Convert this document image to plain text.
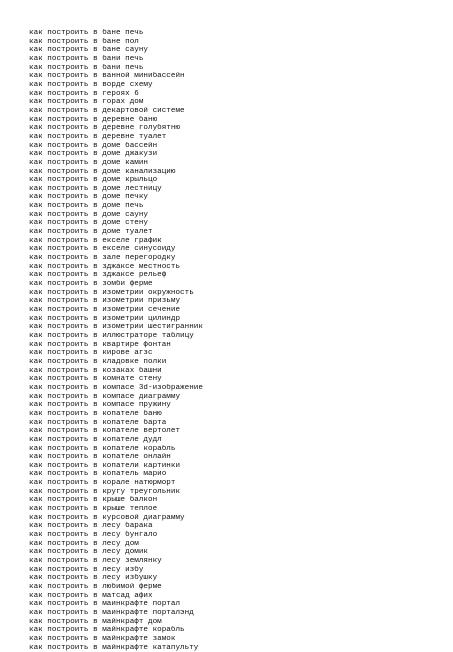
как построить в бане печь
как построить в бане пол
как построить в бане сауну
как построить в бани печь
как построить в бани печь
как построить в ванной минибассейн
как построить в ворде схему
как построить в героях 6
как построить в горах дом
как построить в декартовой системе
как построить в деревне баню
как построить в деревне голубятню
как построить в деревне туалет
как построить в доме бассейн
как построить в доме джакузи
как построить в доме камин
как построить в доме канализацию
как построить в доме крыльцо
как построить в доме лестницу
как построить в доме печку
как построить в доме печь
как построить в доме сауну
как построить в доме стену
как построить в доме туалет
как построить в екселе график
как построить в екселе синусоиду
как построить в зале перегородку
как построить в зджаксе местность
как построить в зджаксе рельеф
как построить в зомби ферме
как построить в изометрии окружность
как построить в изометрии призьму
как построить в изометрии сечение
как построить в изометрии цилиндр
как построить в изометрии шестигранник
как построить в иллюстраторе таблицу
как построить в квартире фонтан
как построить в кирове агзс
как построить в кладовке полки
как построить в козаках башни
как построить в комнате стену
как построить в компасе 3d-изображение
как построить в компасе диаграмму
как построить в компасе пружину
как построить в копателе баню
как построить в копателе барта
как построить в копателе вертолет
как построить в копателе дудл
как построить в копателе корабль
как построить в копателе онлайн
как построить в копатели картинки
как построить в копатель марио
как построить в корале натюрморт
как построить в кругу треугольник
как построить в крыше балкон
как построить в крыше теплое
как построить в курсовой диаграмму
как построить в лесу барака
как построить в лесу бунгало
как построить в лесу дом
как построить в лесу домик
как построить в лесу землянку
как построить в лесу избу
как построить в лесу избушку
как построить в любимой ферме
как построить в матсад афих
как построить в маинкрафте портал
как построить в маинкрафте порталэнд
как построить в майнкрафт дом
как построить в майнкрафте корабль
как построить в майнкрафте замок
как построить в майнкрафте катапульту
